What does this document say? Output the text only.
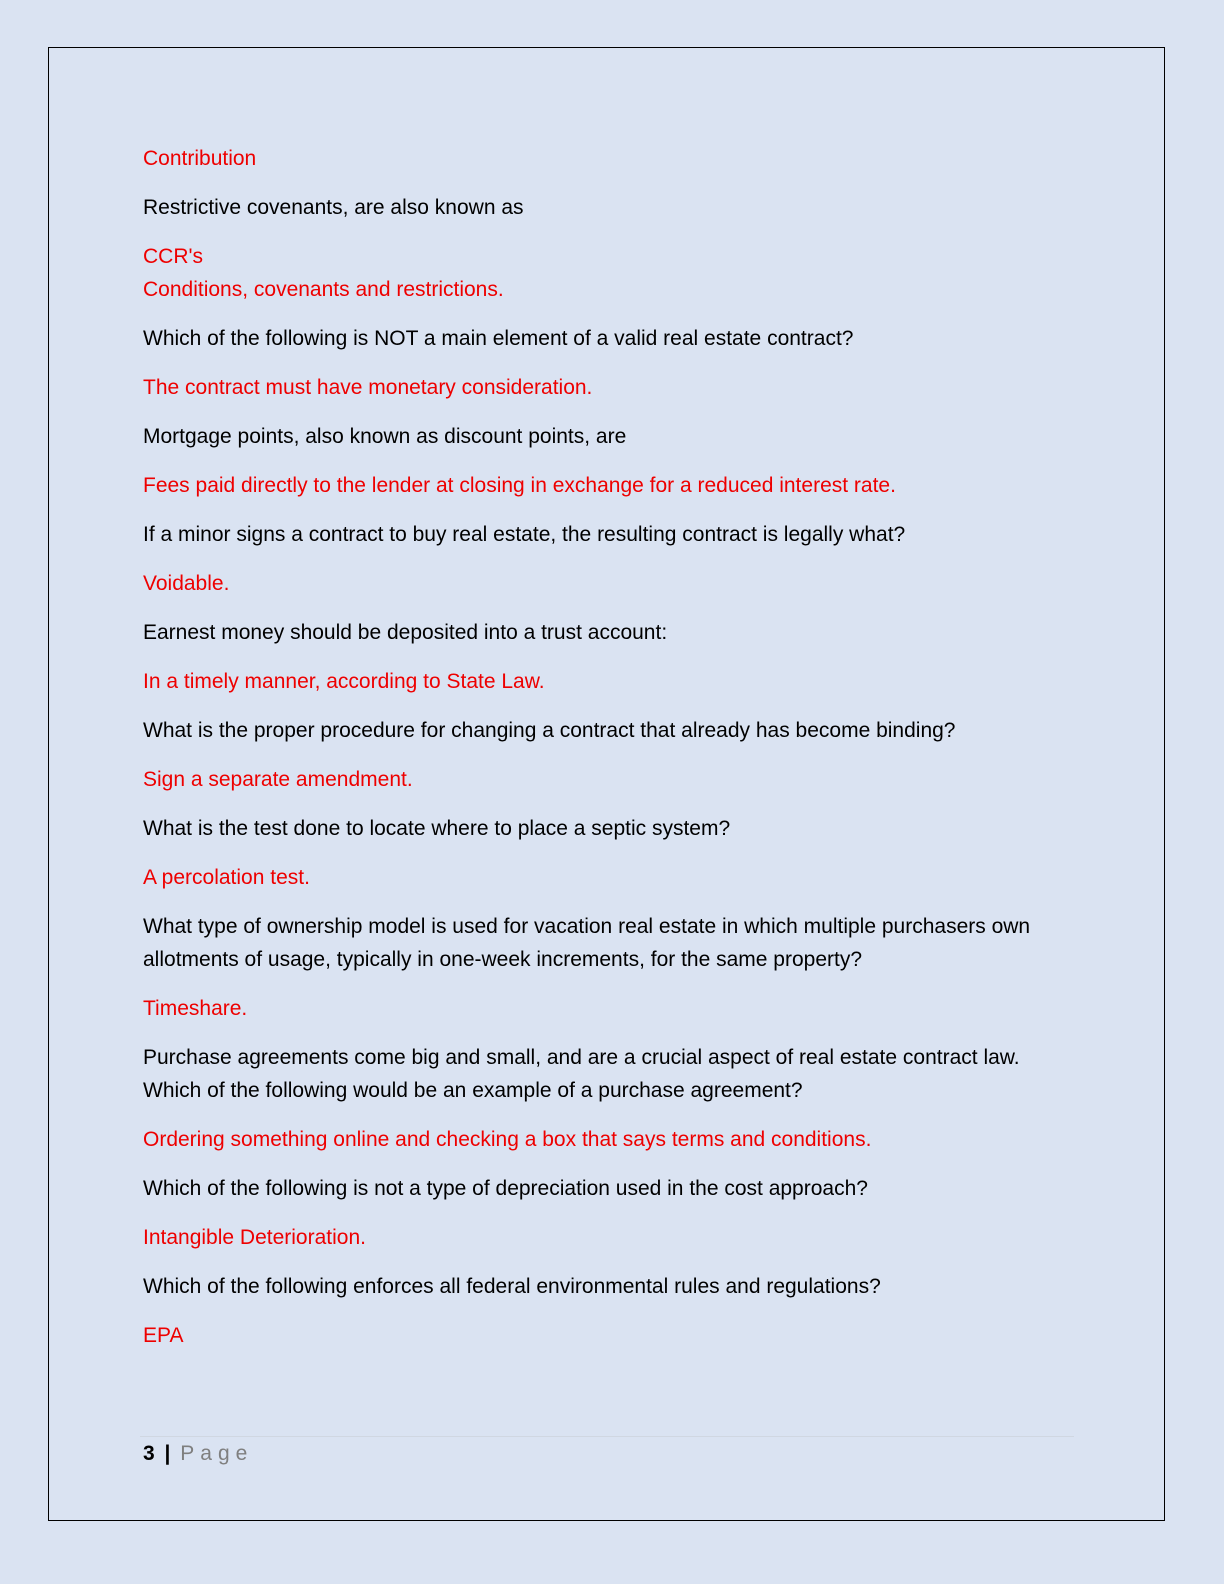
Contribution
Restrictive covenants, are also known as
CCR's
Conditions, covenants and restrictions.
Which of the following is NOT a main element of a valid real estate contract?
The contract must have monetary consideration.
Mortgage points, also known as discount points, are
Fees paid directly to the lender at closing in exchange for a reduced interest rate.
If a minor signs a contract to buy real estate, the resulting contract is legally what?
Voidable.
Earnest money should be deposited into a trust account:
In a timely manner, according to State Law.
What is the proper procedure for changing a contract that already has become binding?
Sign a separate amendment.
What is the test done to locate where to place a septic system?
A percolation test.
What type of ownership model is used for vacation real estate in which multiple purchasers own allotments of usage, typically in one-week increments, for the same property?
Timeshare.
Purchase agreements come big and small, and are a crucial aspect of real estate contract law. Which of the following would be an example of a purchase agreement?
Ordering something online and checking a box that says terms and conditions.
Which of the following is not a type of depreciation used in the cost approach?
Intangible Deterioration.
Which of the following enforces all federal environmental rules and regulations?
EPA
3 | Page
